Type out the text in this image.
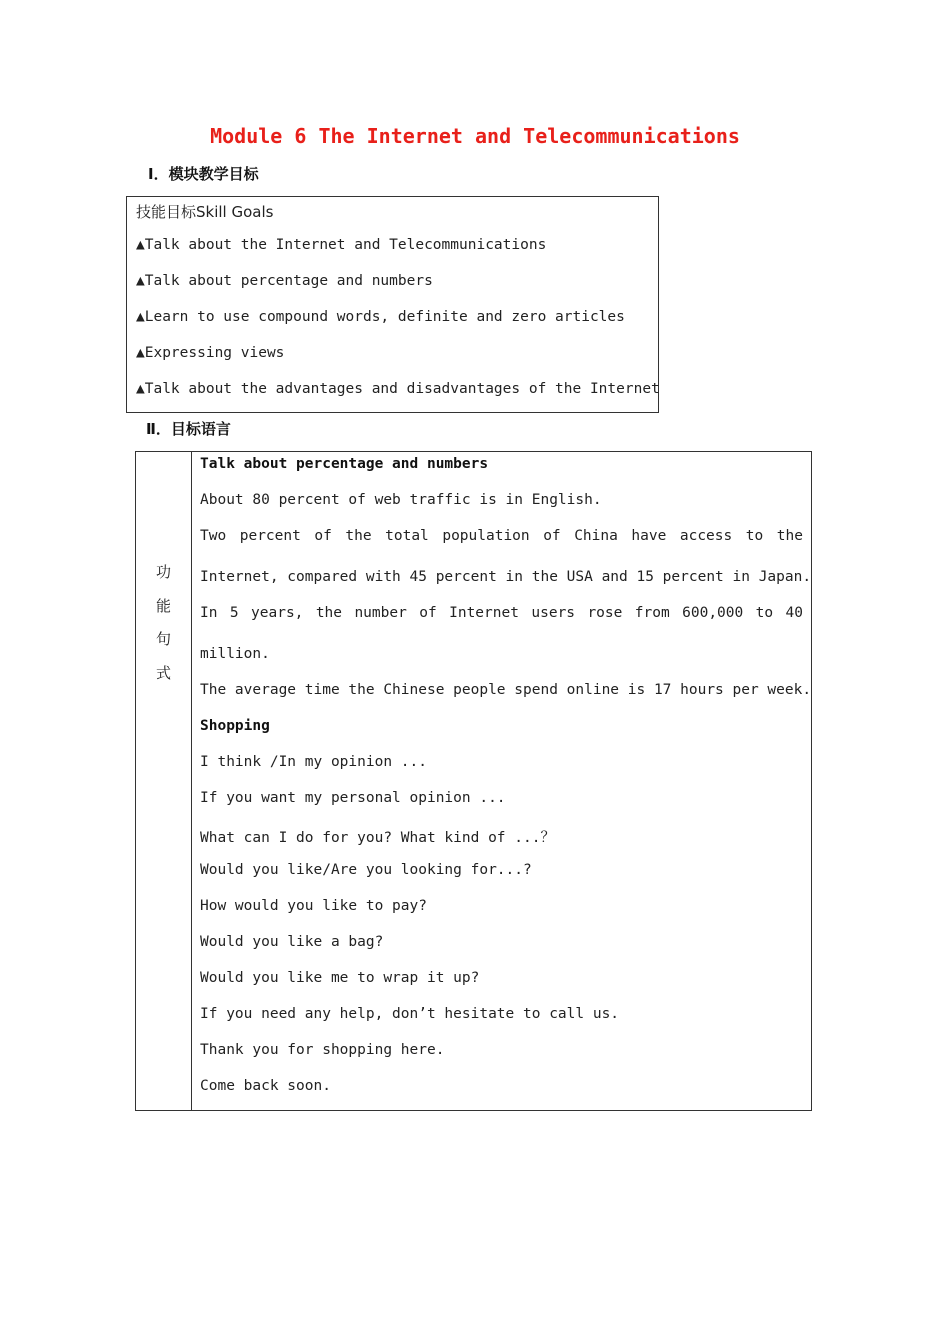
Module 6 The Internet and Telecommunications
Ⅰ．模块教学目标
技能目标Skill Goals
▲Talk about the Internet and Telecommunications
▲Talk about percentage and numbers
▲Learn to use compound words, definite and zero articles
▲Expressing views
▲Talk about the advantages and disadvantages of the Internet
Ⅱ．目标语言
功
能
句
式
Talk about percentage and numbers
About 80 percent of web traffic is in English.
Two percent of the total population of China have access to the
Internet, compared with 45 percent in the USA and 15 percent in Japan.
In 5 years, the number of Internet users rose from 600,000 to 40
million.
The average time the Chinese people spend online is 17 hours per week.
Shopping
I think /In my opinion ...
If you want my personal opinion ...
What can I do for you? What kind of ...？
Would you like/Are you looking for...?
How would you like to pay?
Would you like a bag?
Would you like me to wrap it up?
If you need any help, don’t hesitate to call us.
Thank you for shopping here.
Come back soon.
